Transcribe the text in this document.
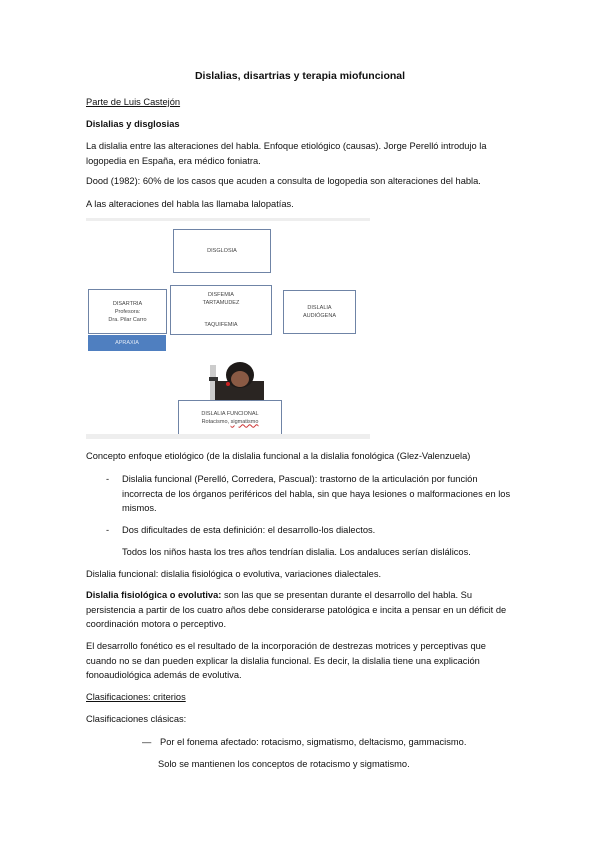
Dislalias, disartrias y terapia miofuncional
Parte de Luis Castejón
Dislalias y disglosias
La dislalia entre las alteraciones del habla. Enfoque etiológico (causas). Jorge Perelló introdujo la logopedia en España, era médico foniatra.
Dood (1982): 60% de los casos que acuden a consulta de logopedia son alteraciones del habla.
A las alteraciones del habla las llamaba lalopatías.
DISGLOSIA
DISARTRIA
Profesora:
Dra. Pilar Carro
APRAXIA
DISFEMIA
TARTAMUDEZ
TAQUIFEMIA
DISLALIA
AUDIÓGENA
DISLALIA FUNCIONAL
Rotacismo, sigmatismo
Concepto enfoque etiológico (de la dislalia funcional a la dislalia fonológica (Glez-Valenzuela)
- Dislalia funcional (Perelló, Corredera, Pascual): trastorno de la articulación por función incorrecta de los órganos periféricos del habla, sin que haya lesiones o malformaciones en los mismos.
- Dos dificultades de esta definición: el desarrollo-los dialectos.
Todos los niños hasta los tres años tendrían dislalia. Los andaluces serían dislálicos.
Dislalia funcional: dislalia fisiológica o evolutiva, variaciones dialectales.
Dislalia fisiológica o evolutiva: son las que se presentan durante el desarrollo del habla. Su persistencia a partir de los cuatro años debe considerarse patológica e incita a pensar en un déficit de coordinación motora o perceptivo.
El desarrollo fonético es el resultado de la incorporación de destrezas motrices y perceptivas que cuando no se dan pueden explicar la dislalia funcional. Es decir, la dislalia tiene una explicación fonoaudiológica además de evolutiva.
Clasificaciones: criterios
Clasificaciones clásicas:
— Por el fonema afectado: rotacismo, sigmatismo, deltacismo, gammacismo.
Solo se mantienen los conceptos de rotacismo y sigmatismo.
